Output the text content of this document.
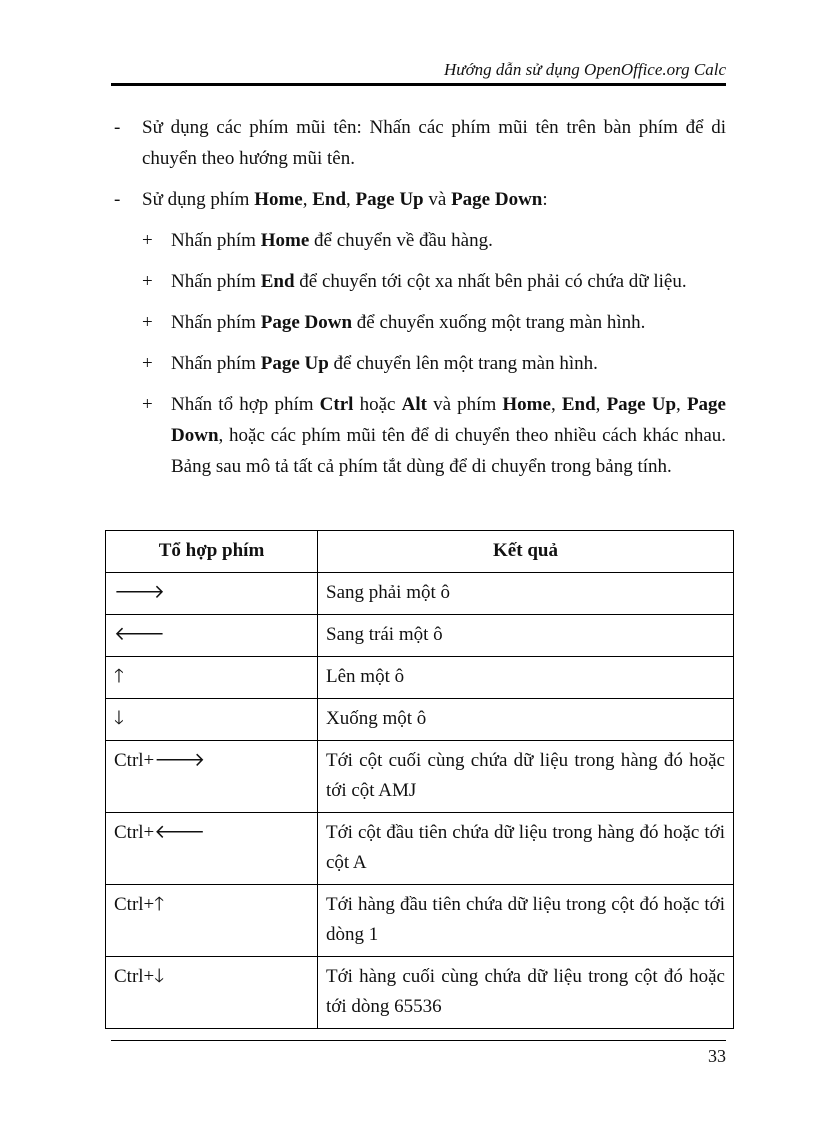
Hướng dẫn sử dụng OpenOffice.org Calc
- Sử dụng các phím mũi tên: Nhấn các phím mũi tên trên bàn phím để di chuyển theo hướng mũi tên.
- Sử dụng phím Home, End, Page Up và Page Down:
+ Nhấn phím Home để chuyển về đầu hàng.
+ Nhấn phím End để chuyển tới cột xa nhất bên phải có chứa dữ liệu.
+ Nhấn phím Page Down để chuyển xuống một trang màn hình.
+ Nhấn phím Page Up để chuyển lên một trang màn hình.
+ Nhấn tổ hợp phím Ctrl hoặc Alt và phím Home, End, Page Up, Page Down, hoặc các phím mũi tên để di chuyển theo nhiều cách khác nhau. Bảng sau mô tả tất cả phím tắt dùng để di chuyển trong bảng tính.
Tổ hợp phím	Kết quả
🡒	Sang phải một ô
🡐	Sang trái một ô
🡑	Lên một ô
🡓	Xuống một ô
Ctrl+🡒	Tới cột cuối cùng chứa dữ liệu trong hàng đó hoặc tới cột AMJ
Ctrl+🡐	Tới cột đầu tiên chứa dữ liệu trong hàng đó hoặc tới cột A
Ctrl+🡑	Tới hàng đầu tiên chứa dữ liệu trong cột đó hoặc tới dòng 1
Ctrl+🡓	Tới hàng cuối cùng chứa dữ liệu trong cột đó hoặc tới dòng 65536
33
